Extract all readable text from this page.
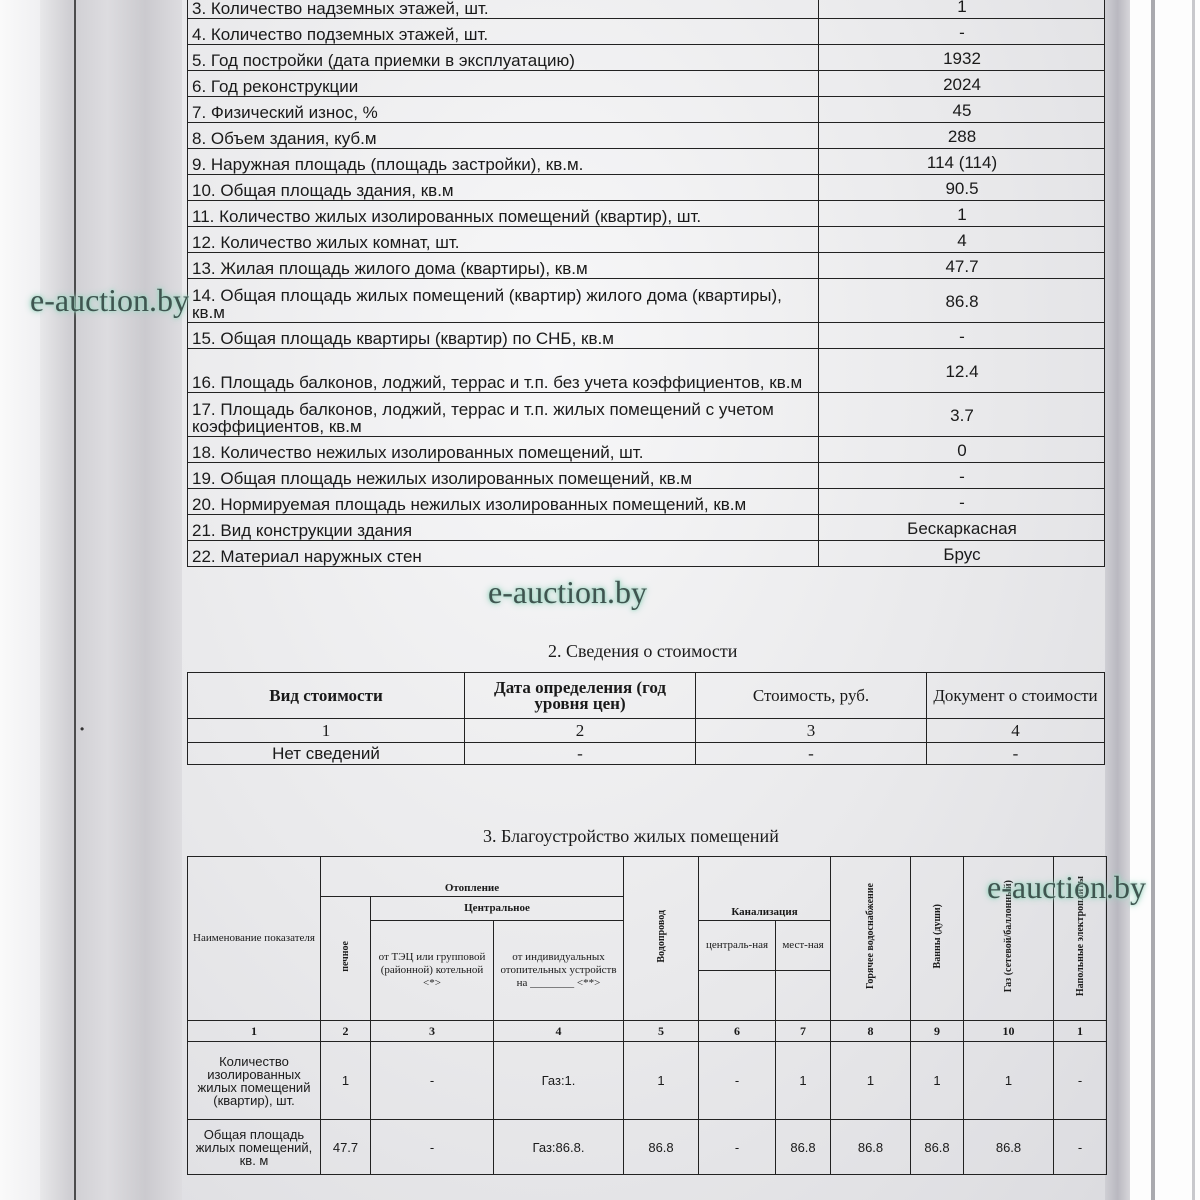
•
3. Количество надземных этажей, шт.	1
4. Количество подземных этажей, шт.	-
5. Год постройки (дата приемки в эксплуатацию)	1932
6. Год реконструкции	2024
7. Физический износ, %	45
8. Объем здания, куб.м	288
9. Наружная площадь (площадь застройки), кв.м.	114 (114)
10. Общая площадь здания, кв.м	90.5
11. Количество жилых изолированных помещений (квартир), шт.	1
12. Количество жилых комнат, шт.	4
13. Жилая площадь жилого дома (квартиры), кв.м	47.7
14. Общая площадь жилых помещений (квартир) жилого дома (квартиры), кв.м	86.8
15. Общая площадь квартиры (квартир) по СНБ, кв.м	-
16. Площадь балконов, лоджий, террас и т.п. без учета коэффициентов, кв.м	12.4
17. Площадь балконов, лоджий, террас и т.п. жилых помещений с учетом коэффициентов, кв.м	3.7
18. Количество нежилых изолированных помещений, шт.	0
19. Общая площадь нежилых изолированных помещений, кв.м	-
20. Нормируемая площадь нежилых изолированных помещений, кв.м	-
21. Вид конструкции здания	Бескаркасная
22. Материал наружных стен	Брус
2. Сведения о стоимости
Вид стоимости	Дата определения (год уровня цен)	Стоимость, руб.	Документ о стоимости
1	2	3	4
Нет сведений	-	-	-
3. Благоустройство жилых помещений
Наименование показателя	Отопление			Водопровод	Канализация		Горячее водоснабжение	Ванны (души)	Газ (сетевой/баллонный)	Напольные электроплиты
	печное	Центральное								
		от ТЭЦ или групповой (районной) котельной <*>	от индивидуальных отопительных устройств на ________ <**>		централь-ная	мест-ная				

1	2	3	4	5	6	7	8	9	10	1
Количество изолированных жилых помещений (квартир), шт.	1	-	Газ:1.	1	-	1	1	1	1	-
Общая площадь жилых помещений, кв. м	47.7	-	Газ:86.8.	86.8	-	86.8	86.8	86.8	86.8	-
e-auction.by
e-auction.by
e-auction.by
